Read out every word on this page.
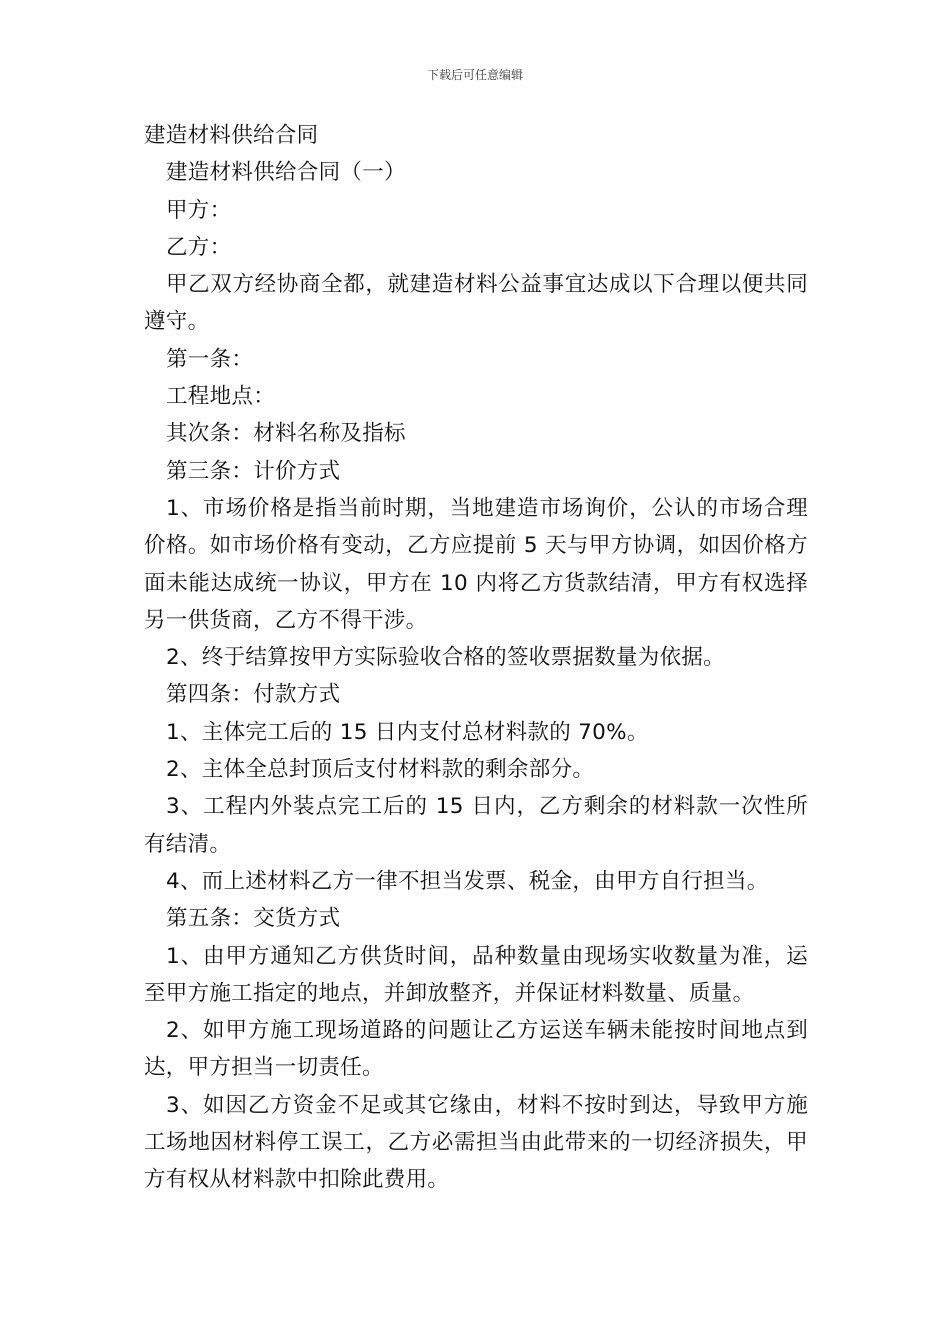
下载后可任意编辑

建造材料供给合同

建造材料供给合同（一）

甲方：

乙方：

甲乙双方经协商全都，就建造材料公益事宜达成以下合理以便共同遵守。

第一条：

工程地点：

其次条：材料名称及指标

第三条：计价方式

1、市场价格是指当前时期，当地建造市场询价，公认的市场合理价格。如市场价格有变动，乙方应提前 5 天与甲方协调，如因价格方面未能达成统一协议，甲方在 10 内将乙方货款结清，甲方有权选择另一供货商，乙方不得干涉。

2、终于结算按甲方实际验收合格的签收票据数量为依据。

第四条：付款方式

1、主体完工后的 15 日内支付总材料款的 70%。

2、主体全总封顶后支付材料款的剩余部分。

3、工程内外装点完工后的 15 日内，乙方剩余的材料款一次性所有结清。

4、而上述材料乙方一律不担当发票、税金，由甲方自行担当。

第五条：交货方式

1、由甲方通知乙方供货时间，品种数量由现场实收数量为准，运至甲方施工指定的地点，并卸放整齐，并保证材料数量、质量。

2、如甲方施工现场道路的问题让乙方运送车辆未能按时间地点到达，甲方担当一切责任。

3、如因乙方资金不足或其它缘由，材料不按时到达，导致甲方施工场地因材料停工误工，乙方必需担当由此带来的一切经济损失，甲方有权从材料款中扣除此费用。
